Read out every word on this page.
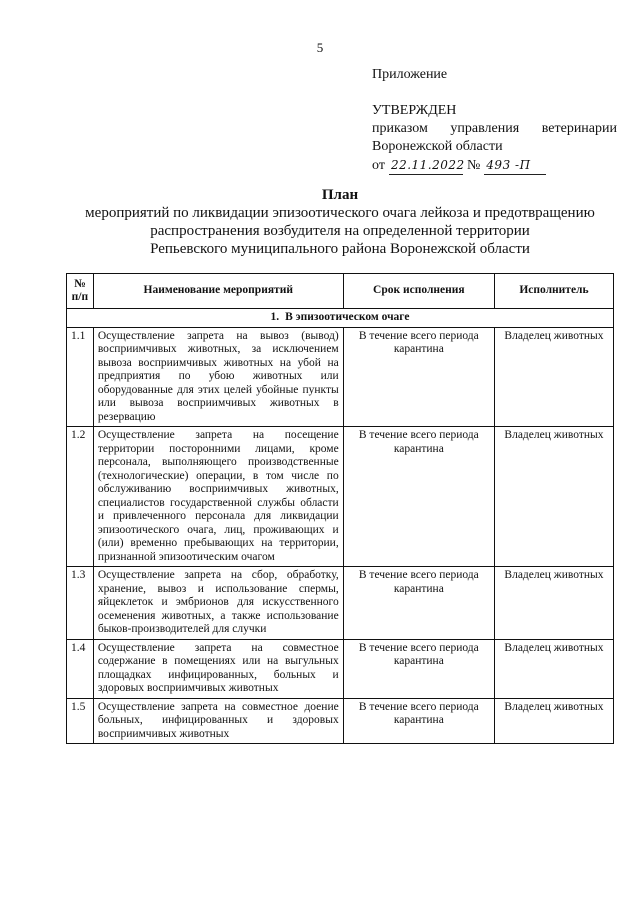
5
Приложение
УТВЕРЖДЕН
приказом управления ветеринарии
Воронежской области
от 22.11.2022 № 493 -П
План
мероприятий по ликвидации эпизоотического очага лейкоза и предотвращению
распространения возбудителя на определенной территории
Репьевского муниципального района Воронежской области
№ п/п	Наименование мероприятий	Срок исполнения	Исполнитель
1. В эпизоотическом очаге			
1.1	Осуществление запрета на вывоз (вывод) восприимчивых животных, за исключением вывоза восприимчивых животных на убой на предприятия по убою животных или оборудованные для этих целей убойные пункты или вывоза восприимчивых животных в резервацию	В течение всего периода карантина	Владелец животных
1.2	Осуществление запрета на посещение территории посторонними лицами, кроме персонала, выполняющего производственные (технологические) операции, в том числе по обслуживанию восприимчивых животных, специалистов государственной службы области и привлеченного персонала для ликвидации эпизоотического очага, лиц, проживающих и (или) временно пребывающих на территории, признанной эпизоотическим очагом	В течение всего периода карантина	Владелец животных
1.3	Осуществление запрета на сбор, обработку, хранение, вывоз и использование спермы, яйцеклеток и эмбрионов для искусственного осеменения животных, а также использование быков-производителей для случки	В течение всего периода карантина	Владелец животных
1.4	Осуществление запрета на совместное содержание в помещениях или на выгульных площадках инфицированных, больных и здоровых восприимчивых животных	В течение всего периода карантина	Владелец животных
1.5	Осуществление запрета на совместное доение больных, инфицированных и здоровых восприимчивых животных	В течение всего периода карантина	Владелец животных
